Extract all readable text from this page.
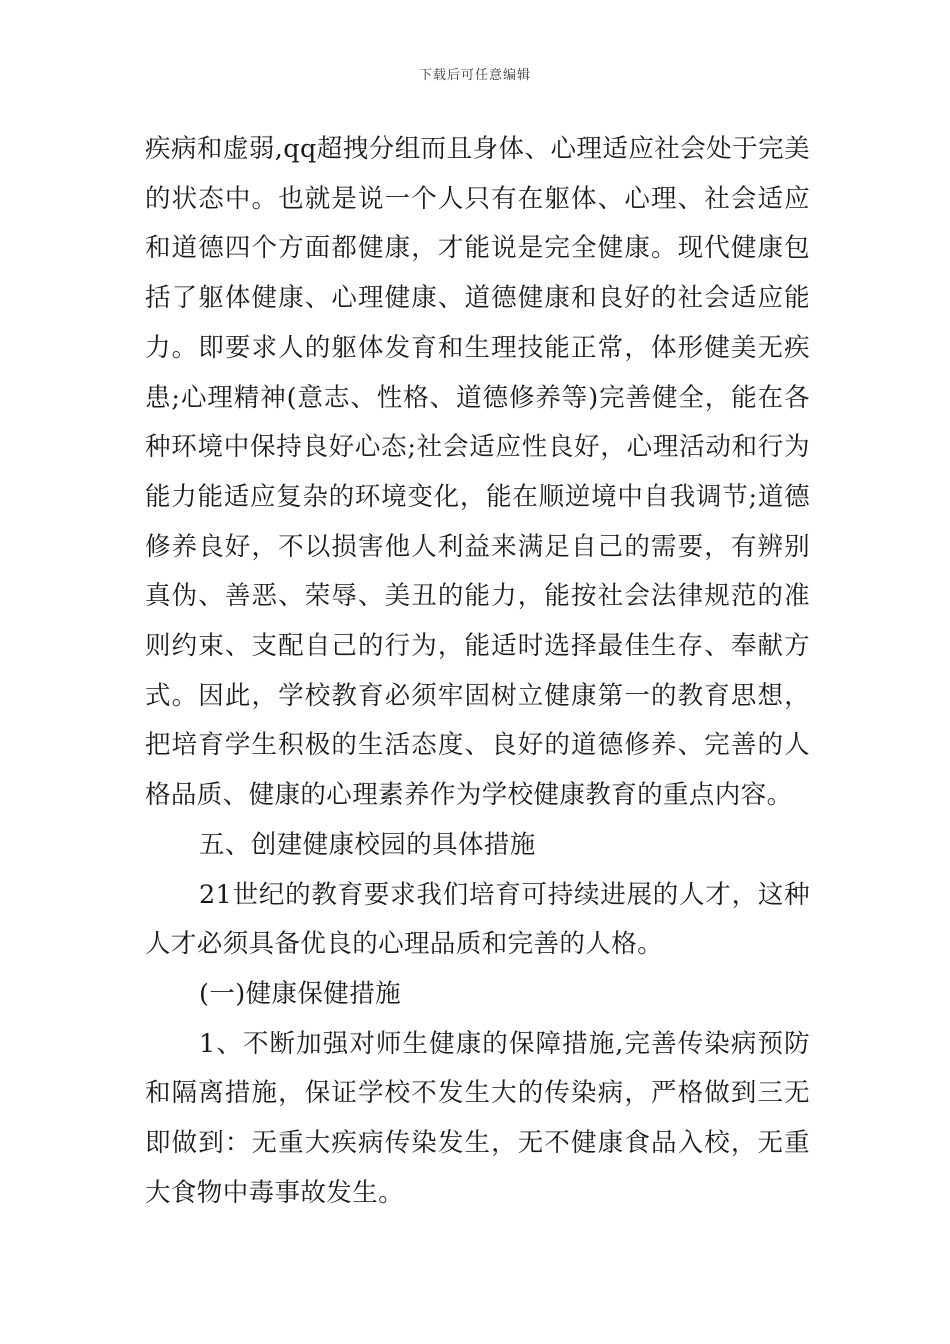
下载后可任意编辑

疾病和虚弱,qq超拽分组而且身体、心理适应社会处于完美
的状态中。也就是说一个人只有在躯体、心理、社会适应
和道德四个方面都健康，才能说是完全健康。现代健康包
括了躯体健康、心理健康、道德健康和良好的社会适应能
力。即要求人的躯体发育和生理技能正常，体形健美无疾
患;心理精神(意志、性格、道德修养等)完善健全，能在各
种环境中保持良好心态;社会适应性良好，心理活动和行为
能力能适应复杂的环境变化，能在顺逆境中自我调节;道德
修养良好，不以损害他人利益来满足自己的需要，有辨别
真伪、善恶、荣辱、美丑的能力，能按社会法律规范的准
则约束、支配自己的行为，能适时选择最佳生存、奉献方
式。因此，学校教育必须牢固树立健康第一的教育思想，
把培育学生积极的生活态度、良好的道德修养、完善的人
格品质、健康的心理素养作为学校健康教育的重点内容。

五、创建健康校园的具体措施

21世纪的教育要求我们培育可持续进展的人才，这种
人才必须具备优良的心理品质和完善的人格。

(一)健康保健措施

1、不断加强对师生健康的保障措施,完善传染病预防
和隔离措施，保证学校不发生大的传染病，严格做到三无
即做到：无重大疾病传染发生，无不健康食品入校，无重
大食物中毒事故发生。
